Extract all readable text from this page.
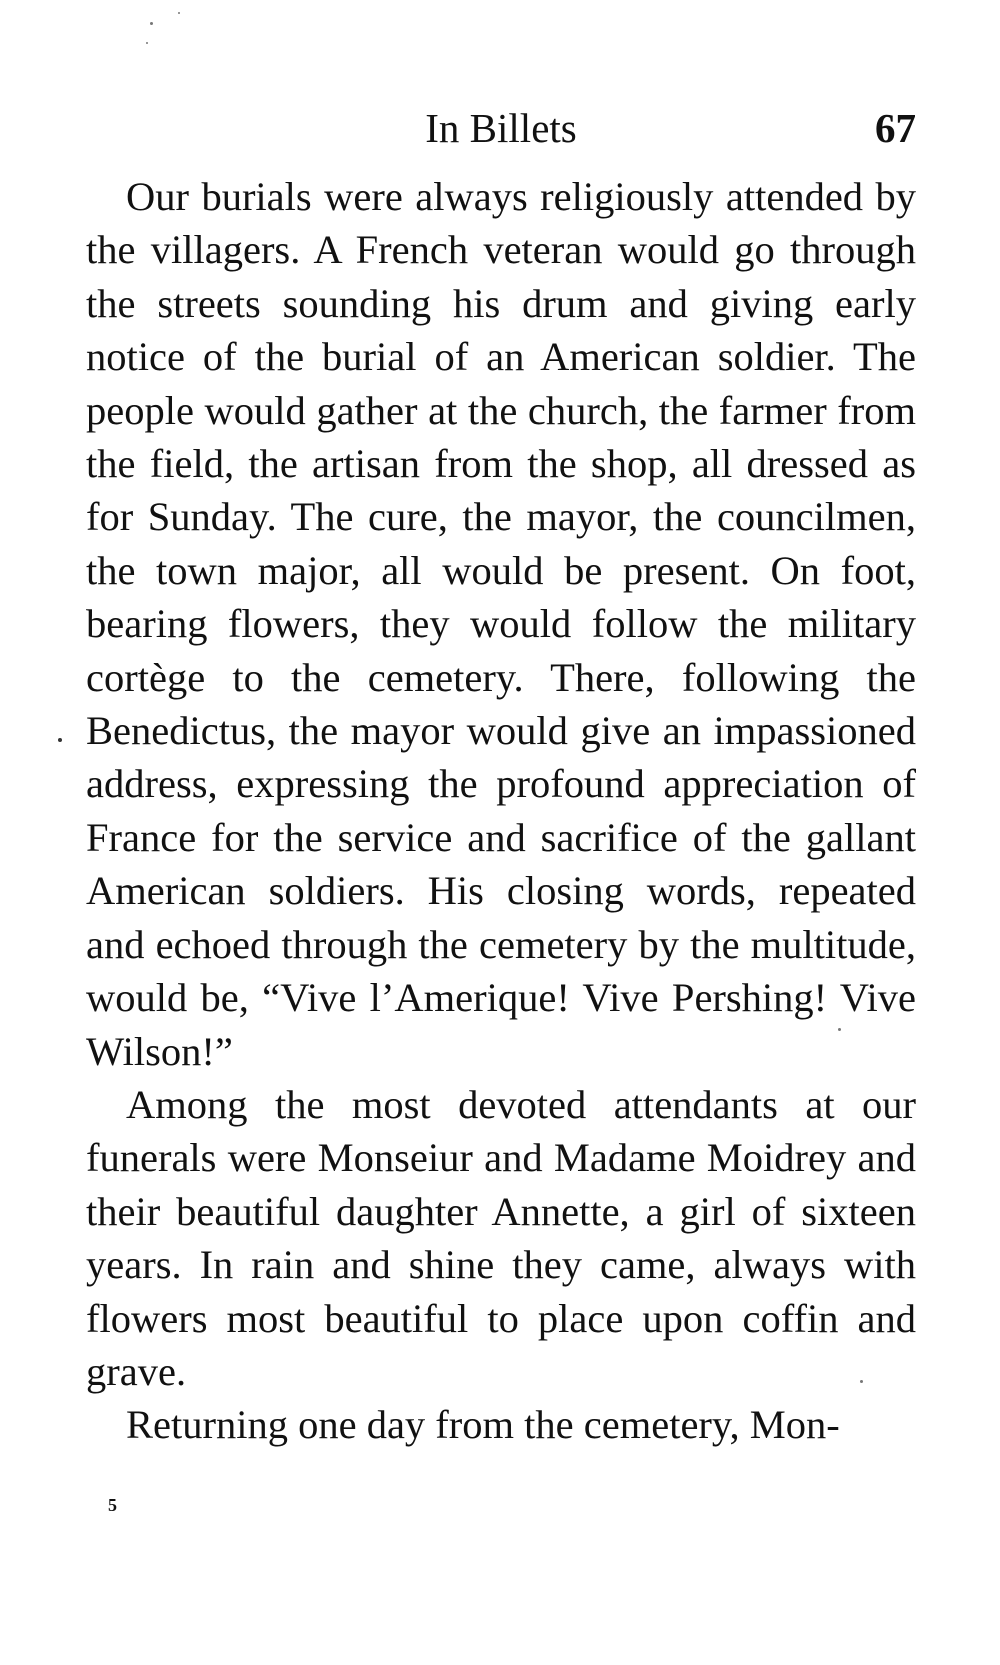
In Billets	67

Our burials were always religiously attended by the villagers. A French veteran would go through the streets sounding his drum and giving early notice of the burial of an American soldier. The people would gather at the church, the farmer from the field, the artisan from the shop, all dressed as for Sunday. The cure, the mayor, the councilmen, the town major, all would be present. On foot, bearing flowers, they would follow the military cortège to the cemetery. There, following the Benedictus, the mayor would give an impassioned address, expressing the profound appreciation of France for the service and sacrifice of the gallant American soldiers. His closing words, repeated and echoed through the cemetery by the multitude, would be, “Vive l’Amerique! Vive Pershing! Vive Wilson!”

Among the most devoted attendants at our funerals were Monseiur and Madame Moidrey and their beautiful daughter Annette, a girl of sixteen years. In rain and shine they came, always with flowers most beautiful to place upon coffin and grave.

Returning one day from the cemetery, Mon-

5
